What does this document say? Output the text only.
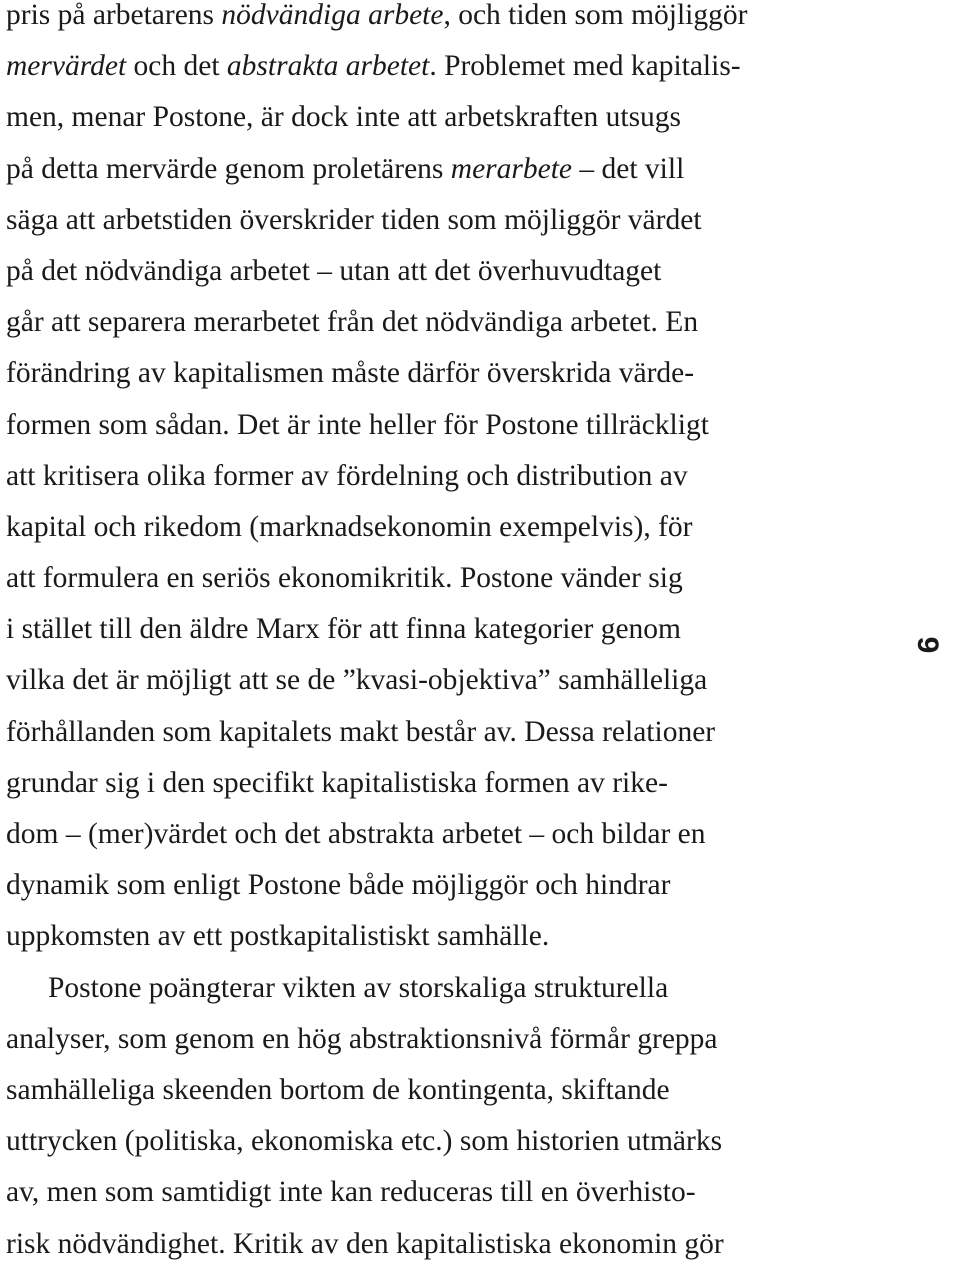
pris på arbetarens nödvändiga arbete, och tiden som möjliggör
mervärdet och det abstrakta arbetet. Problemet med kapitalis-
men, menar Postone, är dock inte att arbetskraften utsugs
på detta mervärde genom proletärens merarbete – det vill
säga att arbetstiden överskrider tiden som möjliggör värdet
på det nödvändiga arbetet – utan att det överhuvudtaget
går att separera merarbetet från det nödvändiga arbetet. En
förändring av kapitalismen måste därför överskrida värde-
formen som sådan. Det är inte heller för Postone tillräckligt
att kritisera olika former av fördelning och distribution av
kapital och rikedom (marknadsekonomin exempelvis), för
att formulera en seriös ekonomikritik. Postone vänder sig
i stället till den äldre Marx för att finna kategorier genom
vilka det är möjligt att se de ”kvasi-objektiva” samhälleliga
förhållanden som kapitalets makt består av. Dessa relationer
grundar sig i den specifikt kapitalistiska formen av rike-
dom – (mer)värdet och det abstrakta arbetet – och bildar en
dynamik som enligt Postone både möjliggör och hindrar
uppkomsten av ett postkapitalistiskt samhälle.
Postone poängterar vikten av storskaliga strukturella
analyser, som genom en hög abstraktionsnivå förmår greppa
samhälleliga skeenden bortom de kontingenta, skiftande
uttrycken (politiska, ekonomiska etc.) som historien utmärks
av, men som samtidigt inte kan reduceras till en överhisto-
risk nödvändighet. Kritik av den kapitalistiska ekonomin gör
9
